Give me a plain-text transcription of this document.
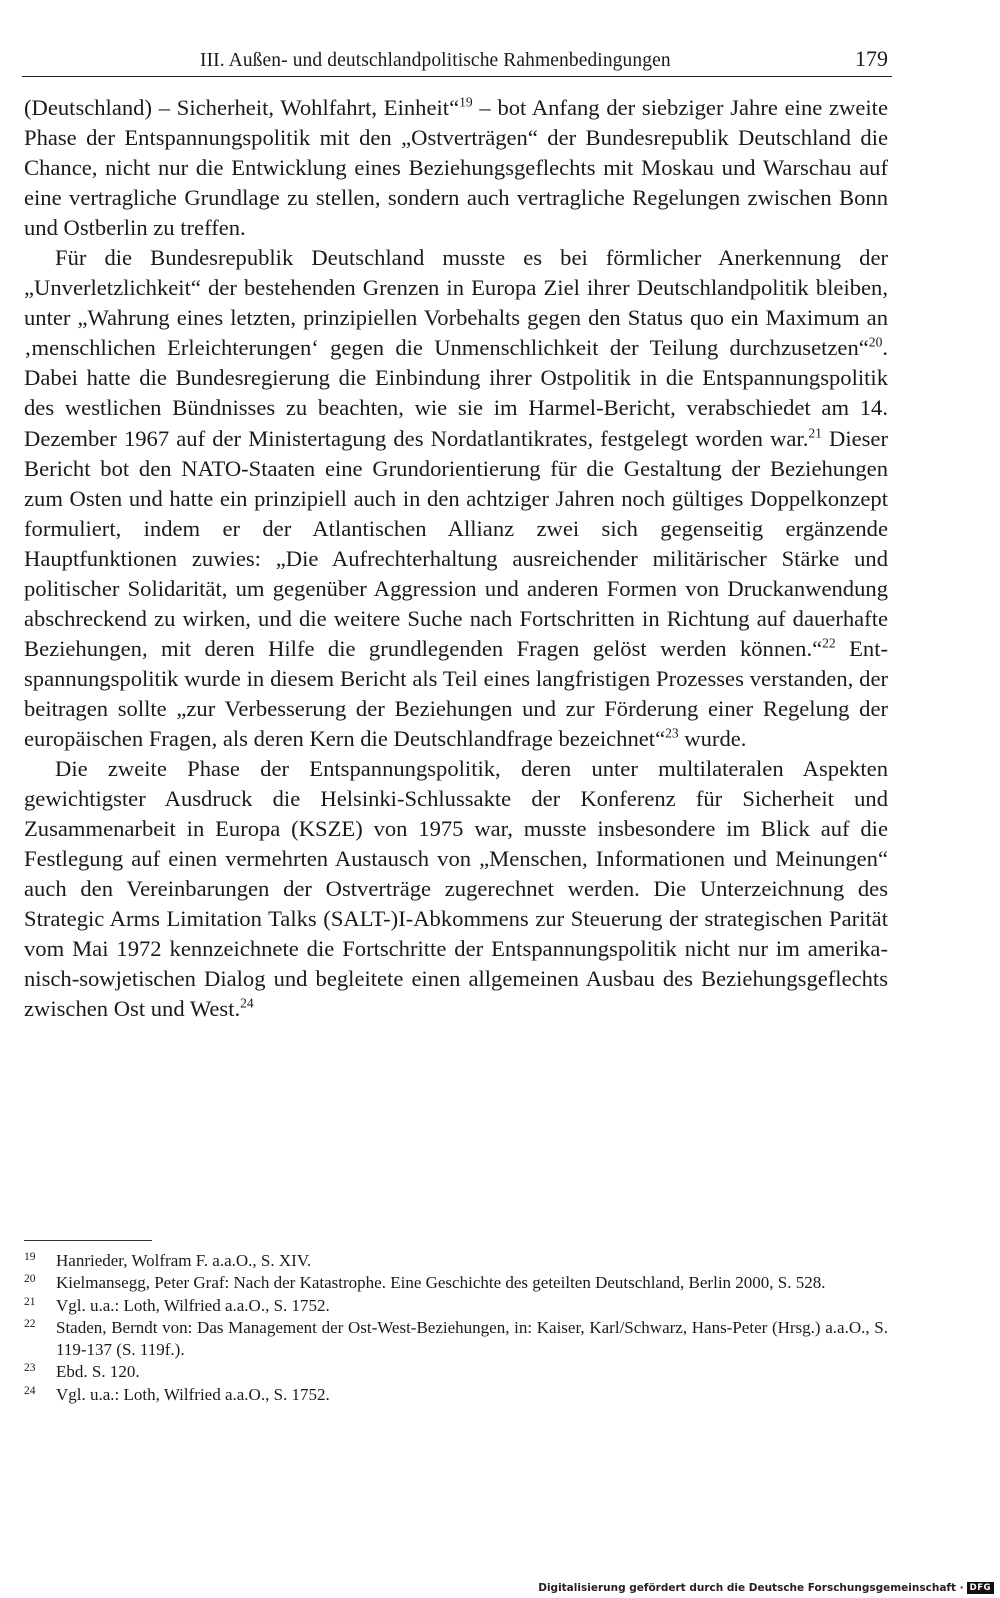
III. Außen- und deutschlandpolitische Rahmenbedingungen	179

(Deutschland) – Sicherheit, Wohlfahrt, Einheit“$^{19}$ – bot Anfang der siebziger Jahre eine zweite Phase der Entspannungspolitik mit den „Ostverträgen“ der Bundesrepublik Deutschland die Chance, nicht nur die Entwicklung eines Beziehungsgeflechts mit Moskau und Warschau auf eine vertragliche Grundlage zu stellen, sondern auch vertragliche Regelungen zwischen Bonn und Ostberlin zu treffen.

Für die Bundesrepublik Deutschland musste es bei förmlicher Anerkennung der „Unverletzlichkeit“ der bestehenden Grenzen in Europa Ziel ihrer Deutschlandpolitik bleiben, unter „Wahrung eines letzten, prinzipiellen Vorbehalts gegen den Status quo ein Maximum an ‚menschlichen Erleichterungen‘ gegen die Unmenschlichkeit der Teilung durchzusetzen“$^{20}$. Dabei hatte die Bundesregierung die Einbindung ihrer Ostpolitik in die Entspannungspolitik des westlichen Bündnisses zu beachten, wie sie im Harmel-Bericht, verabschiedet am 14. Dezember 1967 auf der Ministertagung des Nordatlantikrates, festgelegt worden war.$^{21}$ Dieser Bericht bot den NATO-Staaten eine Grundorientierung für die Gestaltung der Beziehungen zum Osten und hatte ein prinzipiell auch in den achtziger Jahren noch gültiges Doppelkonzept formuliert, indem er der Atlantischen Allianz zwei sich gegenseitig ergänzende Hauptfunktionen zuwies: „Die Aufrechterhaltung ausreichender militärischer Stärke und politischer Solidarität, um gegenüber Aggression und anderen Formen von Druckanwendung abschreckend zu wirken, und die weitere Suche nach Fortschritten in Richtung auf dauerhafte Beziehungen, mit deren Hilfe die grundlegenden Fragen gelöst werden können.“$^{22}$ Entspannungspolitik wurde in diesem Bericht als Teil eines langfristigen Prozesses verstanden, der beitragen sollte „zur Verbesserung der Beziehungen und zur Förderung einer Regelung der europäischen Fragen, als deren Kern die Deutschlandfrage bezeichnet“$^{23}$ wurde.

Die zweite Phase der Entspannungspolitik, deren unter multilateralen Aspekten gewichtigster Ausdruck die Helsinki-Schlussakte der Konferenz für Sicherheit und Zusammenarbeit in Europa (KSZE) von 1975 war, musste insbesondere im Blick auf die Festlegung auf einen vermehrten Austausch von „Menschen, Informationen und Meinungen“ auch den Vereinbarungen der Ostverträge zugerechnet werden. Die Unterzeichnung des Strategic Arms Limitation Talks (SALT-)I-Abkommens zur Steuerung der strategischen Parität vom Mai 1972 kennzeichnete die Fortschritte der Entspannungspolitik nicht nur im amerikanisch-sowjetischen Dialog und begleitete einen allgemeinen Ausbau des Beziehungsgeflechts zwischen Ost und West.$^{24}$

19 Hanrieder, Wolfram F. a.a.O., S. XIV.
20 Kielmansegg, Peter Graf: Nach der Katastrophe. Eine Geschichte des geteilten Deutschland, Berlin 2000, S. 528.
21 Vgl. u.a.: Loth, Wilfried a.a.O., S. 1752.
22 Staden, Berndt von: Das Management der Ost-West-Beziehungen, in: Kaiser, Karl/Schwarz, Hans-Peter (Hrsg.) a.a.O., S. 119-137 (S. 119f.).
23 Ebd. S. 120.
24 Vgl. u.a.: Loth, Wilfried a.a.O., S. 1752.
Digitalisierung gefördert durch die Deutsche Forschungsgemeinschaft · DFG
